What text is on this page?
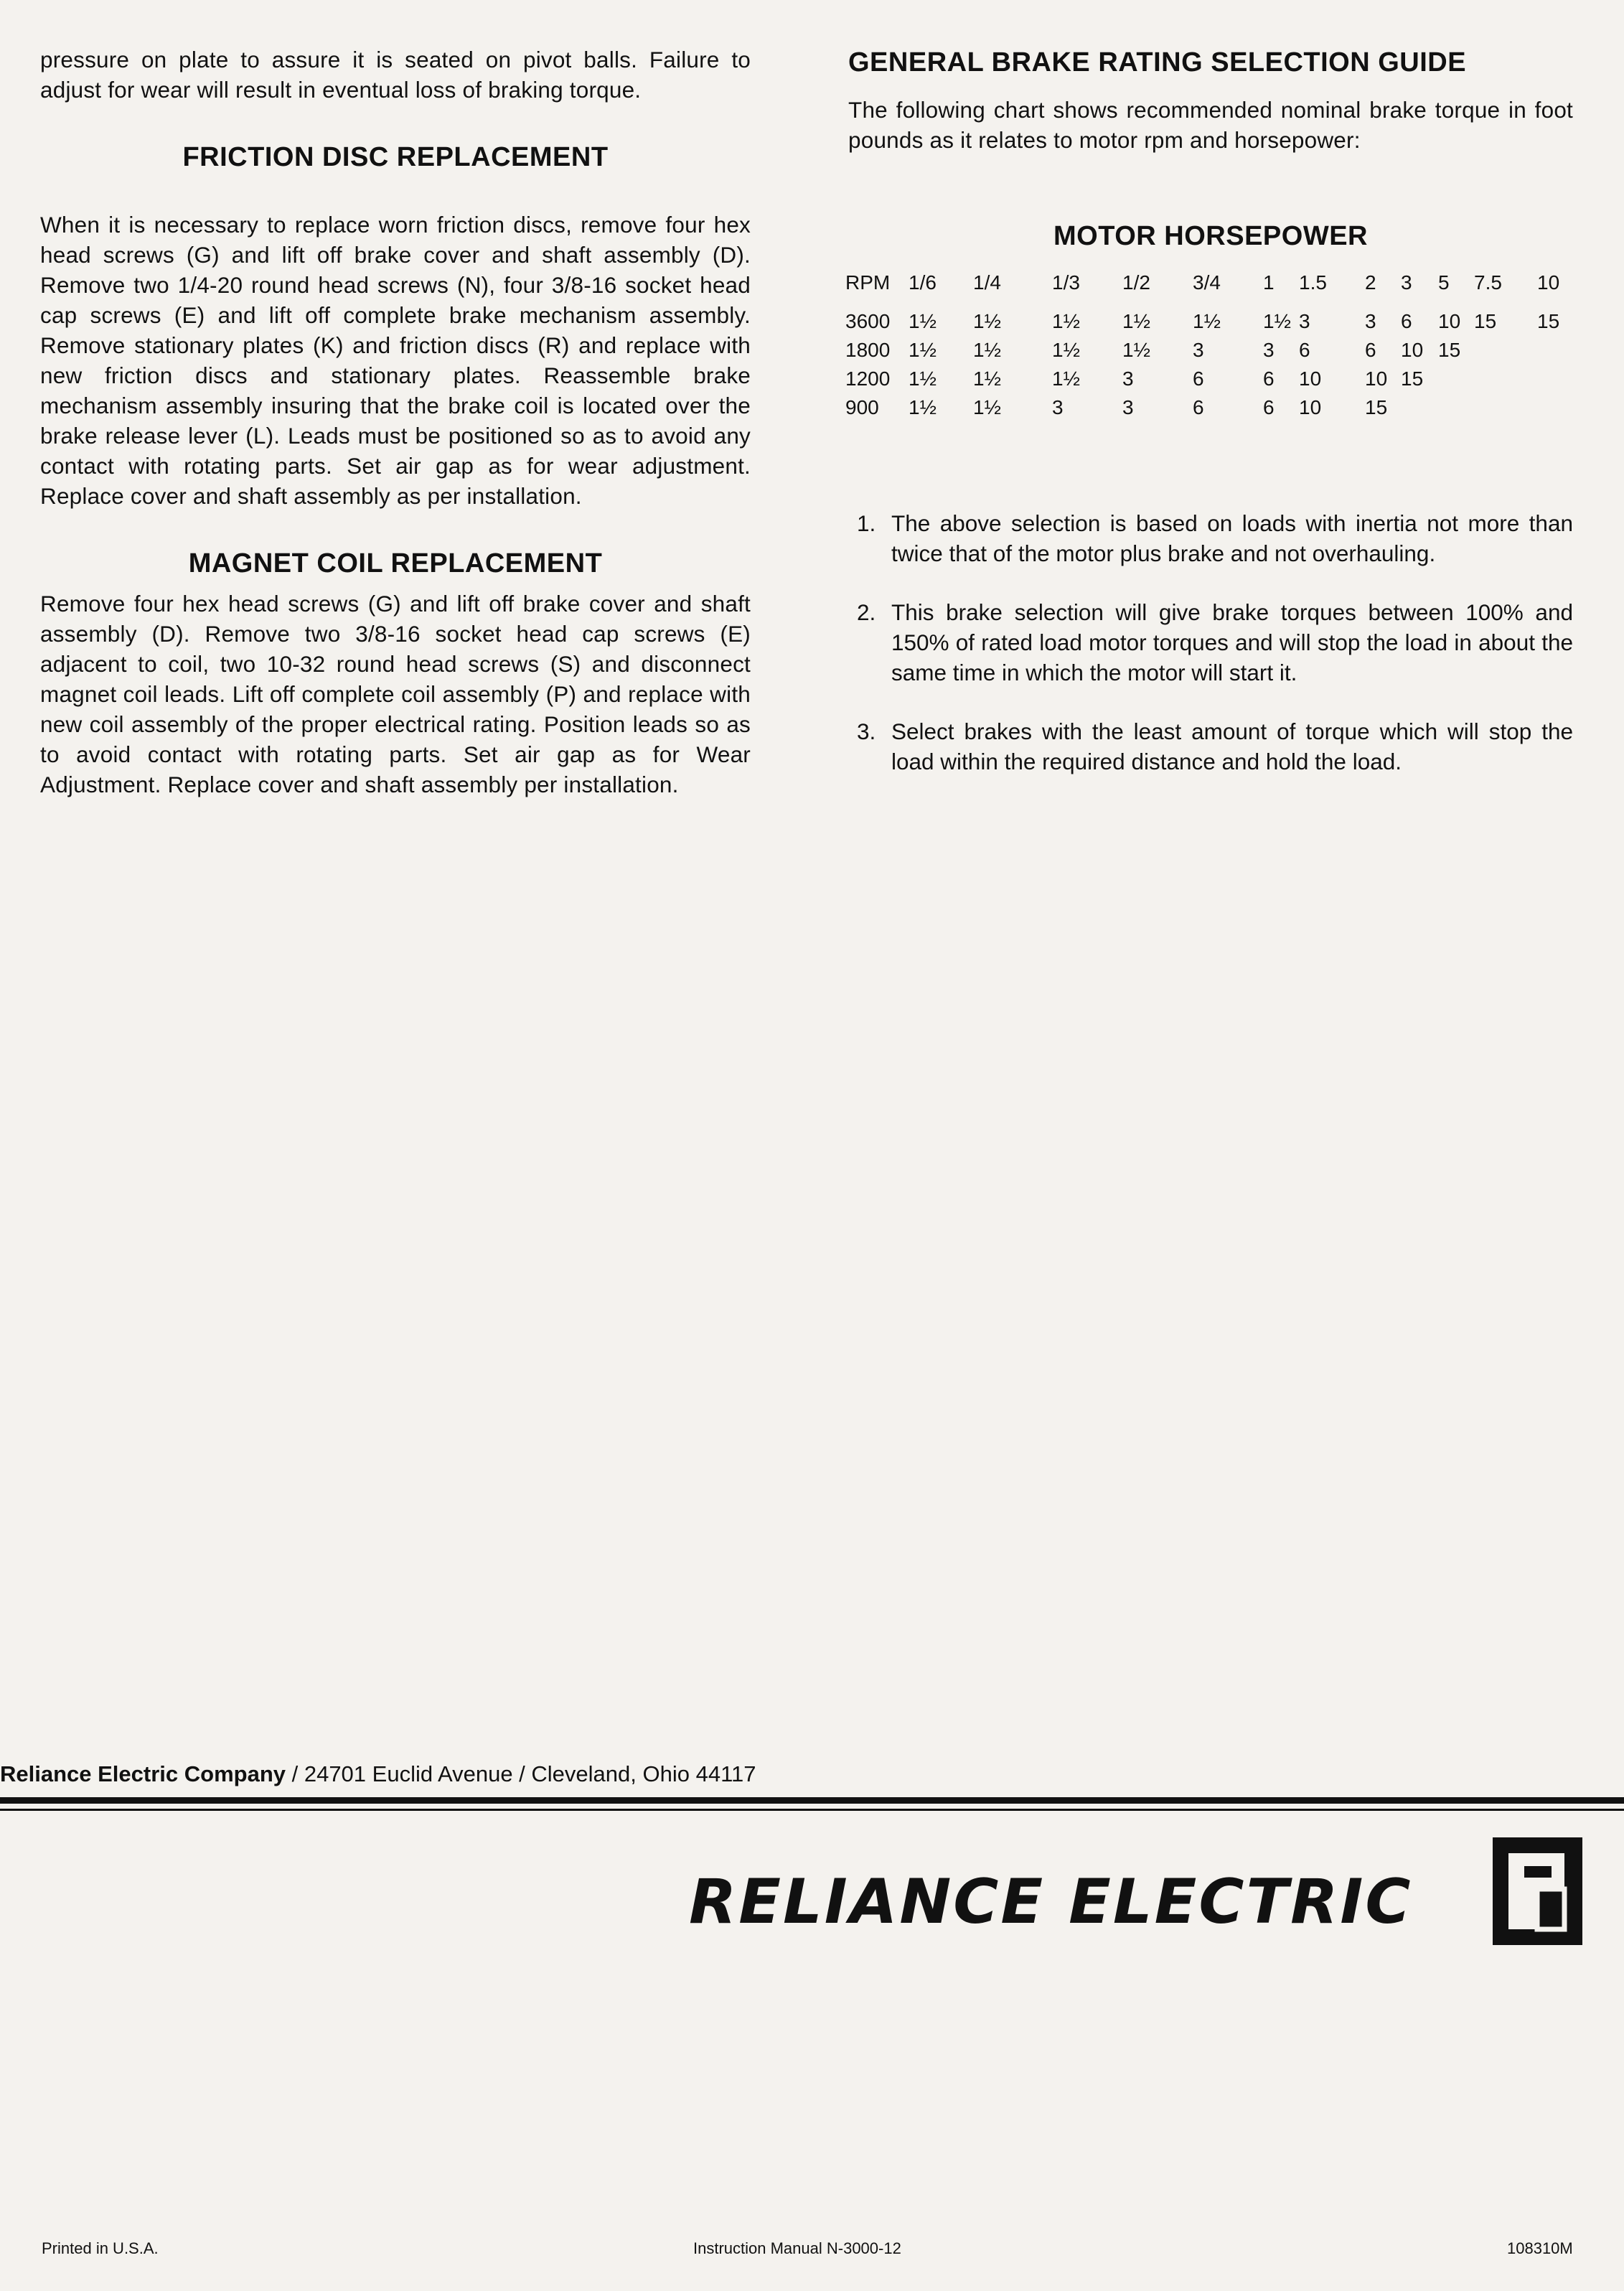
pressure on plate to assure it is seated on pivot balls. Failure to adjust for wear will result in eventual loss of braking torque.

FRICTION DISC REPLACEMENT

When it is necessary to replace worn friction discs, remove four hex head screws (G) and lift off brake cover and shaft assembly (D). Remove two 1/4-20 round head screws (N), four 3/8-16 socket head cap screws (E) and lift off complete brake mechanism assembly. Remove stationary plates (K) and friction discs (R) and replace with new friction discs and stationary plates. Reassemble brake mechanism assembly insuring that the brake coil is located over the brake release lever (L). Leads must be positioned so as to avoid any contact with rotating parts. Set air gap as for wear adjustment. Replace cover and shaft assembly as per installation.

MAGNET COIL REPLACEMENT

Remove four hex head screws (G) and lift off brake cover and shaft assembly (D). Remove two 3/8-16 socket head cap screws (E) adjacent to coil, two 10-32 round head screws (S) and disconnect magnet coil leads. Lift off complete coil assembly (P) and replace with new coil assembly of the proper electrical rating. Position leads so as to avoid contact with rotating parts. Set air gap as for Wear Adjustment. Replace cover and shaft assembly per installation.

GENERAL BRAKE RATING SELECTION GUIDE

The following chart shows recommended nominal brake torque in foot pounds as it relates to motor rpm and horsepower:

MOTOR HORSEPOWER
RPM	1/6	1/4	1/3	1/2	3/4	1	1.5	2	3	5	7.5	10
3600	1½	1½	1½	1½	1½	1½	3	3	6	10	15	15
1800	1½	1½	1½	1½	3	3	6	6	10	15		
1200	1½	1½	1½	3	6	6	10	10	15			
900	1½	1½	3	3	6	6	10	15				
1. The above selection is based on loads with inertia not more than twice that of the motor plus brake and not overhauling.
2. This brake selection will give brake torques between 100% and 150% of rated load motor torques and will stop the load in about the same time in which the motor will start it.
3. Select brakes with the least amount of torque which will stop the load within the required distance and hold the load.
Reliance Electric Company / 24701 Euclid Avenue / Cleveland, Ohio 44117
RELIANCE ELECTRIC
Printed in U.S.A.	Instruction Manual N-3000-12	108310M
